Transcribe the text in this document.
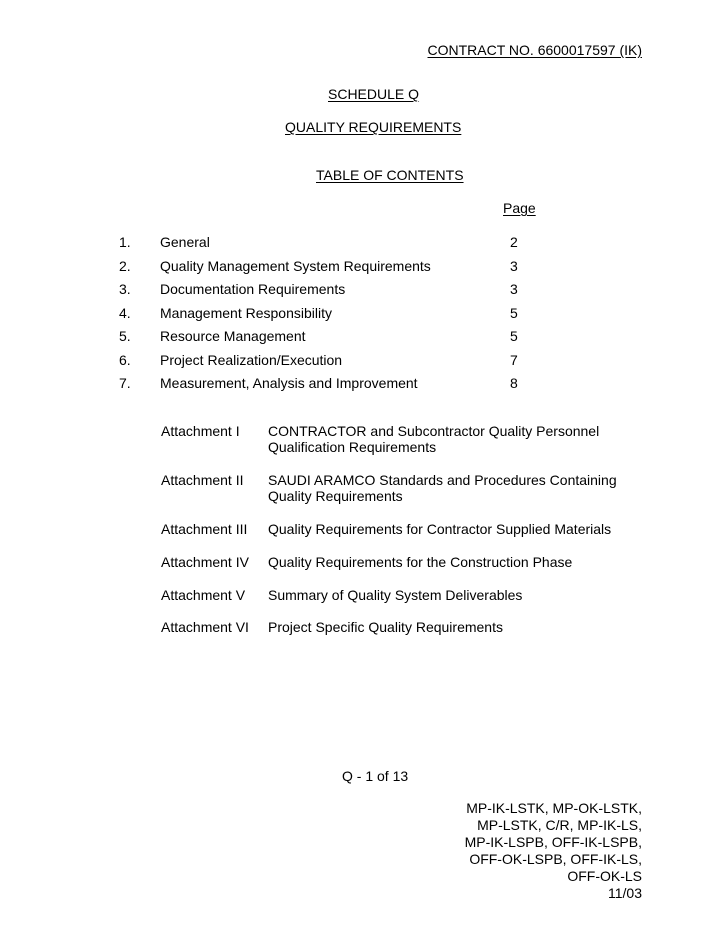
CONTRACT NO. 6600017597 (IK)
SCHEDULE Q
QUALITY REQUIREMENTS
TABLE OF CONTENTS
Page
1. General	2
2. Quality Management System Requirements	3
3. Documentation Requirements	3
4. Management Responsibility	5
5. Resource Management	5
6. Project Realization/Execution	7
7. Measurement, Analysis and Improvement	8
Attachment I CONTRACTOR and Subcontractor Quality Personnel Qualification Requirements
Attachment II SAUDI ARAMCO Standards and Procedures Containing Quality Requirements
Attachment III Quality Requirements for Contractor Supplied Materials
Attachment IV Quality Requirements for the Construction Phase
Attachment V Summary of Quality System Deliverables
Attachment VI Project Specific Quality Requirements
Q - 1 of 13
MP-IK-LSTK, MP-OK-LSTK,
MP-LSTK, C/R, MP-IK-LS,
MP-IK-LSPB, OFF-IK-LSPB,
OFF-OK-LSPB, OFF-IK-LS,
OFF-OK-LS
11/03
